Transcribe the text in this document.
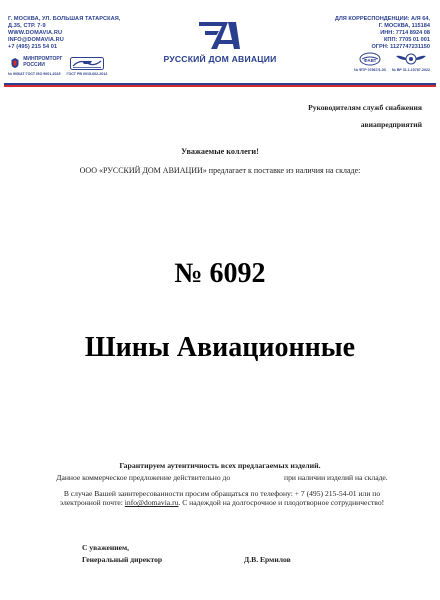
Г. МОСКВА, УЛ. БОЛЬШАЯ ТАТАРСКАЯ,
Д.35, СТР. 7-9
WWW.DOMAVIA.RU
INFO@DOMAVIA.RU
+7 (495) 215 54 01
МИНПРОМТОРГ РОССИИ
№ 905/АТ ГОСТ ISO 9001-2015 ГОСТ РВ 0015-002-2012
РУССКИЙ ДОМ АВИАЦИИ
ДЛЯ КОРРЕСПОНДЕНЦИИ: А/Я 64,
Г. МОСКВА, 115184
ИНН: 7714 8924 08
КПП: 7705 01 001
ОГРН: 1127747231150
ФАВТ
№ ФТР 07867/1-03 № ВР 31.1.10787-2022
Руководителям служб снабжения
авиапредприятий
Уважаемые коллеги!
ООО «РУССКИЙ ДОМ АВИАЦИИ» предлагает к поставке из наличия на складе:
№ 6092
Шины Авиационные
Гарантируем аутентичность всех предлагаемых изделий.
Данное коммерческое предложение действительно до	при наличии изделий на складе.
В случае Вашей заинтересованности просим обращаться по телефону: + 7 (495) 215-54-01 или по
электронной почте: info@domavia.ru. С надеждой на долгосрочное и плодотворное сотрудничество!
С уважением,
Генеральный директор	Д.В. Ермилов
